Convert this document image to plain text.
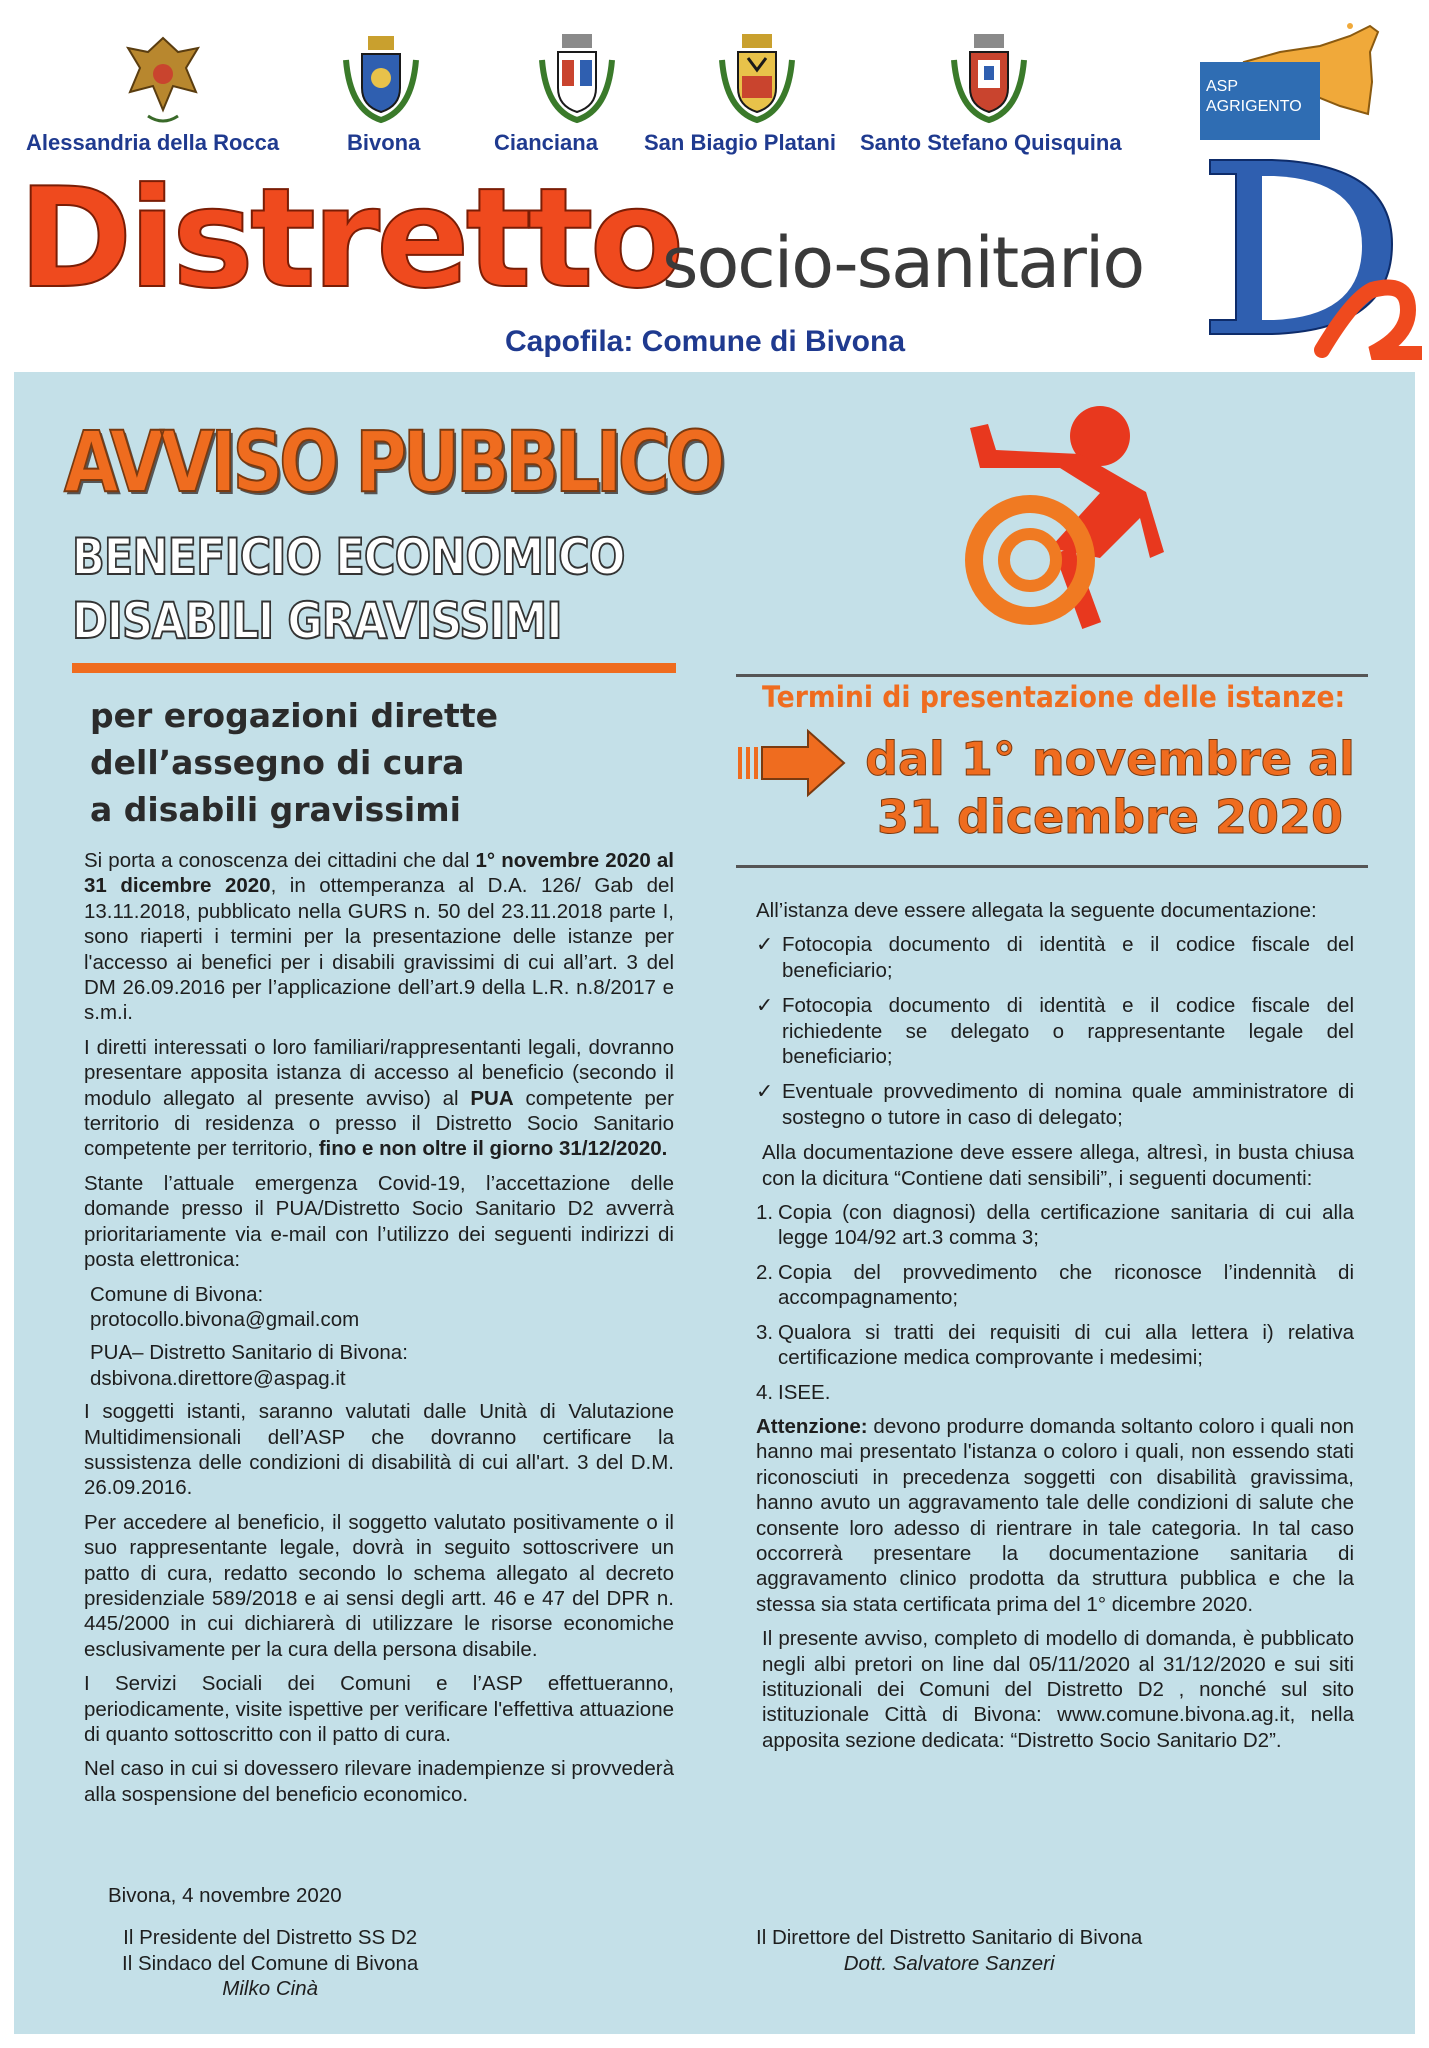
Alessandria della Rocca	Bivona	Cianciana San Biagio Platani Santo Stefano Quisquina
ASP
AGRIGENTO
Distretto
socio-sanitario
Capofila: Comune di Bivona
AVVISO PUBBLICO
BENEFICIO ECONOMICO
DISABILI GRAVISSIMI
per erogazioni dirette
dell’assegno di cura
a disabili gravissimi
Termini di presentazione delle istanze:
dal 1° novembre al
31 dicembre 2020

Si porta a conoscenza dei cittadini che dal 1° novembre 2020 al 31 dicembre 2020, in ottemperanza al D.A. 126/ Gab del 13.11.2018, pubblicato nella GURS n. 50 del 23.11.2018 parte I, sono riaperti i termini per la presentazione delle istanze per l'accesso ai benefici per i disabili gravissimi di cui all’art. 3 del DM 26.09.2016 per l’applicazione dell’art.9 della L.R. n.8/2017 e s.m.i.

I diretti interessati o loro familiari/rappresentanti legali, dovranno presentare apposita istanza di accesso al beneficio (secondo il modulo allegato al presente avviso) al PUA competente per territorio di residenza o presso il Distretto Socio Sanitario competente per territorio, fino e non oltre il giorno 31/12/2020.

Stante l’attuale emergenza Covid-19, l’accettazione delle domande presso il PUA/Distretto Socio Sanitario D2 avverrà prioritariamente via e-mail con l’utilizzo dei seguenti indirizzi di posta elettronica:

Comune di Bivona:
protocollo.bivona@gmail.com
PUA– Distretto Sanitario di Bivona:
dsbivona.direttore@aspag.it

I soggetti istanti, saranno valutati dalle Unità di Valutazione Multidimensionali dell’ASP che dovranno certificare la sussistenza delle condizioni di disabilità di cui all'art. 3 del D.M. 26.09.2016.

Per accedere al beneficio, il soggetto valutato positivamente o il suo rappresentante legale, dovrà in seguito sottoscrivere un patto di cura, redatto secondo lo schema allegato al decreto presidenziale 589/2018 e ai sensi degli artt. 46 e 47 del DPR n. 445/2000 in cui dichiarerà di utilizzare le risorse economiche esclusivamente per la cura della persona disabile.

I Servizi Sociali dei Comuni e l’ASP effettueranno, periodicamente, visite ispettive per verificare l'effettiva attuazione di quanto sottoscritto con il patto di cura.

Nel caso in cui si dovessero rilevare inadempienze si provvederà alla sospensione del beneficio economico.

All’istanza deve essere allegata la seguente documentazione:

✓ Fotocopia documento di identità e il codice fiscale del beneficiario;
✓ Fotocopia documento di identità e il codice fiscale del richiedente se delegato o rappresentante legale del beneficiario;
✓ Eventuale provvedimento di nomina quale amministratore di sostegno o tutore in caso di delegato;

Alla documentazione deve essere allega, altresì, in busta chiusa con la dicitura “Contiene dati sensibili”, i seguenti documenti:

1. Copia (con diagnosi) della certificazione sanitaria di cui alla legge 104/92 art.3 comma 3;
2. Copia del provvedimento che riconosce l’indennità di accompagnamento;
3. Qualora si tratti dei requisiti di cui alla lettera i) relativa certificazione medica comprovante i medesimi;
4. ISEE.

Attenzione: devono produrre domanda soltanto coloro i quali non hanno mai presentato l'istanza o coloro i quali, non essendo stati riconosciuti in precedenza soggetti con disabilità gravissima, hanno avuto un aggravamento tale delle condizioni di salute che consente loro adesso di rientrare in tale categoria. In tal caso occorrerà presentare la documentazione sanitaria di aggravamento clinico prodotta da struttura pubblica e che la stessa sia stata certificata prima del 1° dicembre 2020.

Il presente avviso, completo di modello di domanda, è pubblicato negli albi pretori on line dal 05/11/2020 al 31/12/2020 e sui siti istituzionali dei Comuni del Distretto D2 , nonché sul sito istituzionale Città di Bivona: www.comune.bivona.ag.it, nella apposita sezione dedicata: “Distretto Socio Sanitario D2”.

Bivona, 4 novembre 2020
Il Presidente del Distretto SS D2
Il Sindaco del Comune di Bivona
Milko Cinà
Il Direttore del Distretto Sanitario di Bivona
Dott. Salvatore Sanzeri
